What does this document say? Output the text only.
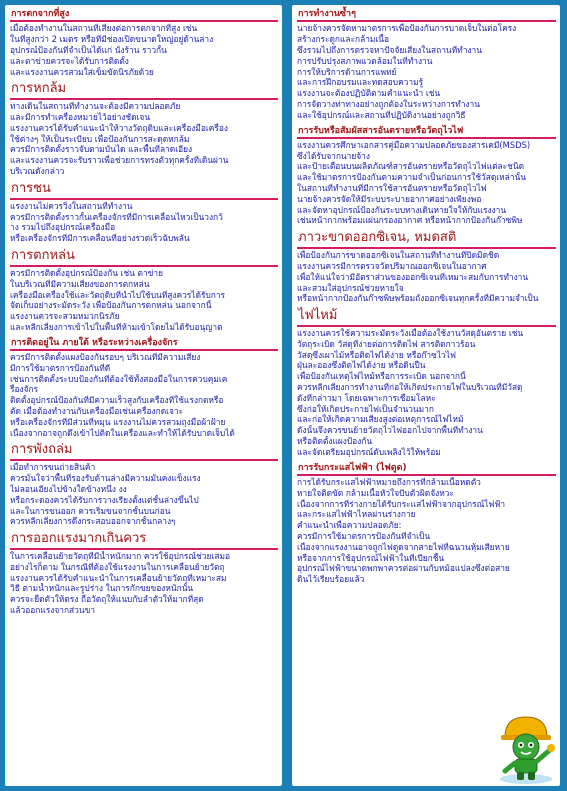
การตกจากที่สูง
เมื่อต้องทำงานในสถานที่เสี่ยงต่อการตกจากที่สูง เช่น
ในที่สูงกว่า 2 เมตร หรือที่มีช่องเปิดขนาดใหญ่อยู่ด้านล่าง
อุปกรณ์ป้องกันที่จำเป็นได้แก่ นั่งร้าน ราวกั้น
และตาข่ายควรจะได้รับการติดตั้ง
และแรงงานควรสวมใส่เข็มขัดนิรภัยด้วย
การหกล้ม
ทางเดินในสถานที่ทำงานจะต้องมีความปลอดภัย
และมีการทำเครื่องหมายไว้อย่างชัดเจน
แรงงานควรได้รับคำแนะนำให้วางวัตถุดิบและเครื่องมือเครื่อง
ใช้ต่างๆ ให้เป็นระเบียบ เพื่อป้องกันการสะดุดหกล้ม
ควรมีการติดตั้งราวจับตามบันได และพื้นที่ลาดเอียง
และแรงงานควรจะรับราวเพื่อช่วยการทรงตัวทุกครั้งที่เดินผ่าน
บริเวณดังกล่าว
การชน
แรงงานไม่ควรวิ่งในสถานที่ทำงาน
ควรมีการติดตั้งราวกั้นเครื่องจักรที่มีการเคลื่อนไหวเป็นวงกว้
าง รวมไปถึงอุปกรณ์เครื่องมือ
หรือเครื่องจักรที่มีการเคลื่อนที่อย่างรวดเร็วฉับพลัน
การตกหล่น
ควรมีการติดตั้งอุปกรณ์ป้องกัน เช่น ตาข่าย
ในบริเวณที่มีความเสี่ยงของการตกหล่น
เครื่องมือเครื่องใช้และวัตถุดิบที่นำไปใช้บนที่สูงควรได้รับการ
จัดเก็บอย่างระมัดระวัง เพื่อป้องกันการตกหล่น นอกจากนี้
แรงงานควรจะสวมหมวกนิรภัย
และหลีกเลี่ยงการเข้าไปในพื้นที่ห้ามเข้าโดยไม่ได้รับอนุญาต
การติดอยู่ใน ภายใต้ หรือระหว่างเครื่องจักร
ควรมีการติดตั้งแผงป้องกันรอบๆ บริเวณที่มีความเสี่ยง
มีการใช้มาตรการป้องกันที่ดี
เช่นการติดตั้งระบบป้องกันที่ต้องใช้ทั้งสองมือในการควบคุมเค
รื่องจักร
ติดตั้งอุปกรณ์ป้องกันที่มีความเร็วสูงกับเครื่องที่ใช้แรงกดหรือ
ตัด เมื่อต้องทำงานกับเครื่องมือเช่นเครื่องกดเจาะ
หรือเครื่องจักรที่มีส่วนที่หมุน แรงงานไม่ควรสวมถุงมือผ้าฝ้าย
เนื่องจากอาจถูกดึงเข้าไปติดในเครื่องและทำให้ได้รับบาดเจ็บได้
การพังถล่ม
เมื่อทำการขนถ่ายสินค้า
ควรมั่นใจว่าพื้นที่รองรับด้านล่างมีความมั่นคงแข็งแรง
ไม่ลอนเอียงไปข้างใดข้างหนึ่ง งง
หรือกระดองควรได้รับการวางเรียงตั้งแต่ชั้นล่างขึ้นไป
และในการขนออก ควรเริ่มขนจากชั้นบนก่อน
ควรหลีกเลี่ยงการดึงกระสอบออกจากชั้นกลางๆ
การออกแรงมากเกินควร
ในการเคลื่อนย้ายวัตถุที่มีน้ำหนักมาก ควรใช้อุปกรณ์ช่วยเสมอ
อย่างไรก็ตาม ในกรณีที่ต้องใช้แรงงานในการเคลื่อนย้ายวัตถุ
แรงงานควรได้รับคำแนะนำในการเคลื่อนย้ายวัตถุที่เหมาะสม
วิธี ตามน้ำหนักและรูปร่าง ในการกักขยของหนักนั้น
ควรจะยืดตัวให้ตรง ถือวัตถุให้แนบกับลำตัวให้มากที่สุด
แล้วออกแรงจากส่วนขา
การทำงานซ้ำๆ
นายจ้างควรจัดหามาตรการเพื่อป้องกันการบาดเจ็บในต่อโครง
สร้างกระดูกและกล้ามเนื้อ
ซึ่งรวมไปถึงการตรวจหาปัจจัยเสี่ยงในสถานที่ทำงาน
การปรับปรุงสภาพแวดล้อมในที่ทำงาน
การให้บริการด้านการแพทย์
และการฝึกอบรมและทดสอบความรู้
แรงงานจะต้องปฏิบัติตามคำแนะนำ เช่น
การจัดวางท่าทางอย่างถูกต้องในระหว่างการทำงาน
และใช้อุปกรณ์และสถานที่ปฏิบัติงานอย่างถูกวิธี
การรับหรือสัมผัสสารอันตรายหรือวัตถุไวไฟ
แรงงานควรศึกษาเอกสารคู่มือความปลอดภัยของสารเคมี(MSDS)
ซึ่งได้รับจากนายจ้าง
และป้ายเตือนบนผลิตภัณฑ์สารอันตรายหรือวัตถุไวไฟแต่ละชนิด
และใช้มาตรการป้องกันตามความจำเป็นก่อนการใช้วัสดุเหล่านั้น
ในสถานที่ทำงานที่มีการใช้สารอันตรายหรือวัตถุไวไฟ
นายจ้างควรจัดให้มีระบบระบายอากาศอย่างเพียงพอ
และจัดหาอุปกรณ์ป้องกันระบบทางเดินหายใจให้กับแรงงาน
เช่นหน้ากากพร้อมแผ่นกรองอากาศ หรือหน้ากากป้องกันก๊าซพิษ
ภาวะขาดออกซิเจน, หมดสติ
เพื่อป้องกันการขาดออกซิเจนในสถานที่ทำงานที่ปิดมิดชิด
แรงงานควรมีการตรวจวัดปริมาณออกซิเจนในอากาศ
เพื่อให้แน่ใจว่ามีอัตราส่วนของออกซิเจนที่เหมาะสมกับการทำงาน
และสวมใส่อุปกรณ์ช่วยหายใจ
หรือหน้ากากป้องกันก๊าซพิษพร้อมถังออกซิเจนทุกครั้งที่มีความจำเป็น
ไฟไหม้
แรงงานควรใช้ความระมัดระวังเมื่อต้องใช้งานวัสดุอันตราย เช่น
วัตถุระเบิด วัสดุที่ง่ายต่อการติดไฟ สารติดกาวร้อน
วัสดุซึ่งเผาไม้หรือติดไฟได้ง่าย หรือก๊าซไวไฟ
ฝุ่นละอองซึ่งติดไฟได้ง่าย หรือดินปืน
เพื่อป้องกันเหตุไฟไหม้หรือการระเบิด นอกจากนี้
ควรหลีกเลี่ยงการทำงานที่ก่อให้เกิดประกายไฟในบริเวณที่มีวัสดุ
ดังที่กล่าวมา โดยเฉพาะการเชื่อมโลหะ
ซึ่งก่อให้เกิดประกายไฟเป็นจำนวนมาก
และก่อให้เกิดความเสี่ยงสูงต่อเหตุการณ์ไฟไหม้
ดังนั้นจึงควรขนย้ายวัตถุไวไฟออกไปจากพื้นที่ทำงาน
หรือติดตั้งแผงป้องกัน
และจัดเตรียมอุปกรณ์ดับเพลิงไว้ให้พร้อม
การรับกระแสไฟฟ้า (ไฟดูด)
การได้รับกระแสไฟฟ้าหมายถึงการที่กล้ามเนื้อหดตัว
หายใจติดขัด กล้ามเนื้อหัวใจบีบตัวผิดจังหวะ
เนื่องจากการที่ร่างกายได้รับกระแสไฟฟ้าจากอุปกรณ์ไฟฟ้า
และกระแสไฟฟ้าไหลผ่านร่างกาย
คำแนะนำเพื่อความปลอดภัย:
ควรมีการใช้มาตรการป้องกันที่จำเป็น
เนื่องจากแรงงานอาจถูกไฟดูดจากสายไฟที่ฉนวนหุ้มเสียหาย
หรือจากการใช้อุปกรณ์ไฟฟ้าในที่เปียกชื้น
อุปกรณ์ไฟฟ้าขนาดพกพาควรต่อผ่านกับหม้อแปลงซึ่งต่อสาย
ดินไว้เรียบร้อยแล้ว
